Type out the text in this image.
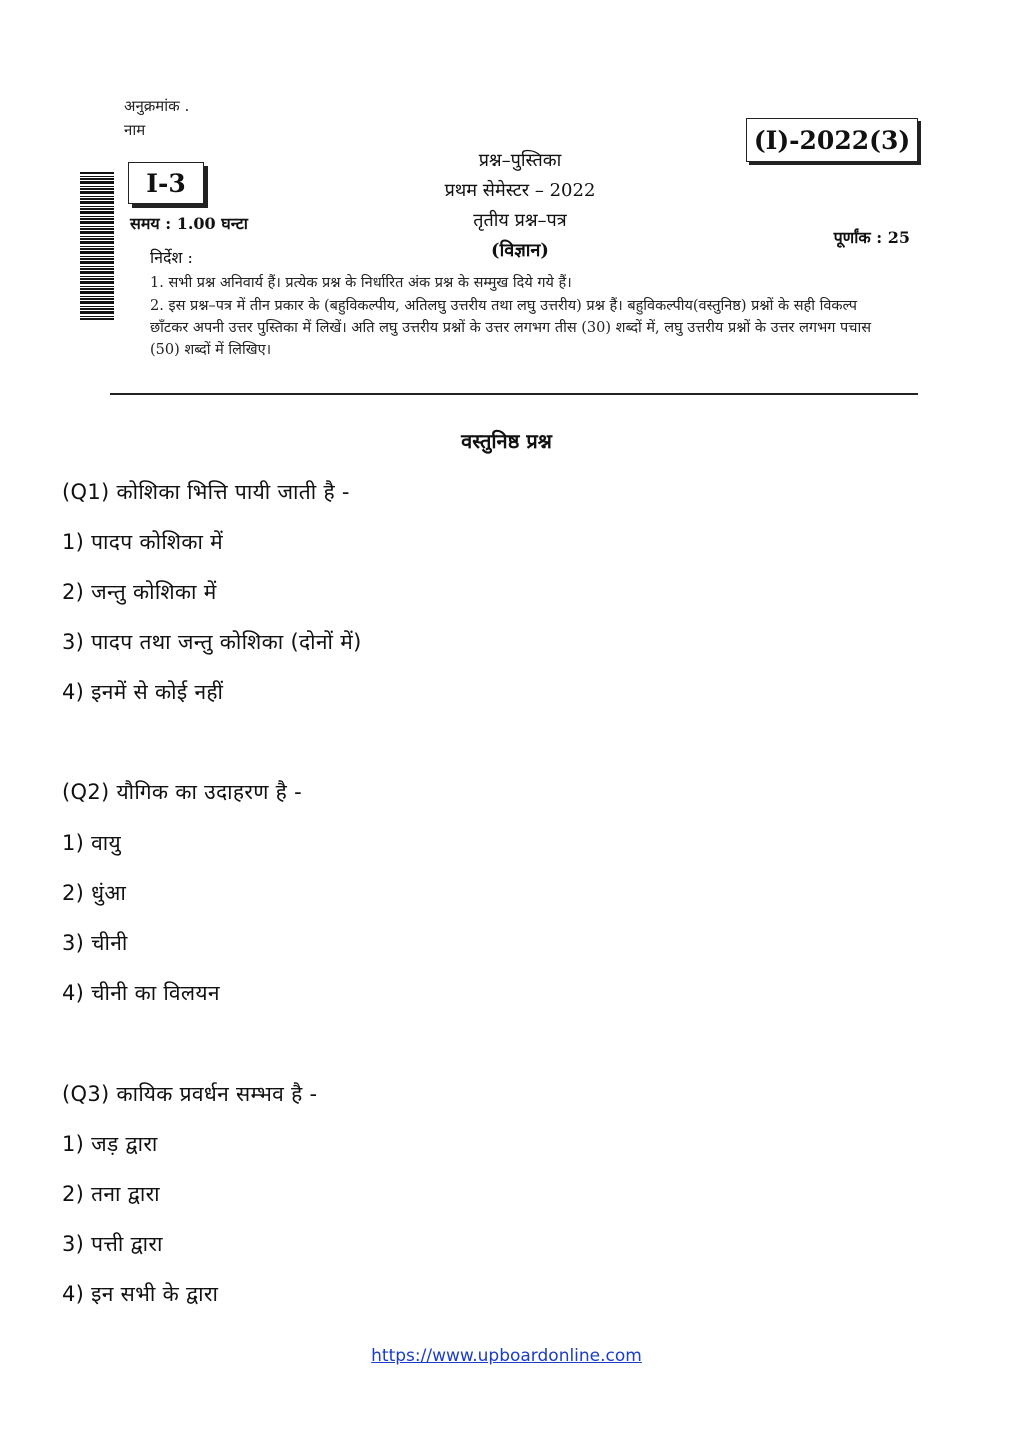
अनुक्रमांक .
नाम	(I)-2022(3)
I-3
प्रश्न–पुस्तिका
प्रथम सेमेस्टर – 2022
तृतीय प्रश्न–पत्र
(विज्ञान)
समय : 1.00 घन्टा
पूर्णांक : 25
निर्देश :
1. सभी प्रश्न अनिवार्य हैं। प्रत्येक प्रश्न के निर्धारित अंक प्रश्न के सम्मुख दिये गये हैं।
2. इस प्रश्न–पत्र में तीन प्रकार के (बहुविकल्पीय, अतिलघु उत्तरीय तथा लघु उत्तरीय) प्रश्न हैं। बहुविकल्पीय(वस्तुनिष्ठ) प्रश्नों के सही विकल्प छाँटकर अपनी उत्तर पुस्तिका में लिखें। अति लघु उत्तरीय प्रश्नों के उत्तर लगभग तीस (30) शब्दों में, लघु उत्तरीय प्रश्नों के उत्तर लगभग पचास (50) शब्दों में लिखिए।
वस्तुनिष्ठ प्रश्न
(Q1) कोशिका भित्ति पायी जाती है -
1) पादप कोशिका में
2) जन्तु कोशिका में
3) पादप तथा जन्तु कोशिका (दोनों में)
4) इनमें से कोई नहीं
(Q2) यौगिक का उदाहरण है -
1) वायु
2) धुंआ
3) चीनी
4) चीनी का विलयन
(Q3) कायिक प्रवर्धन सम्भव है -
1) जड़ द्वारा
2) तना द्वारा
3) पत्ती द्वारा
4) इन सभी के द्वारा
https://www.upboardonline.com
